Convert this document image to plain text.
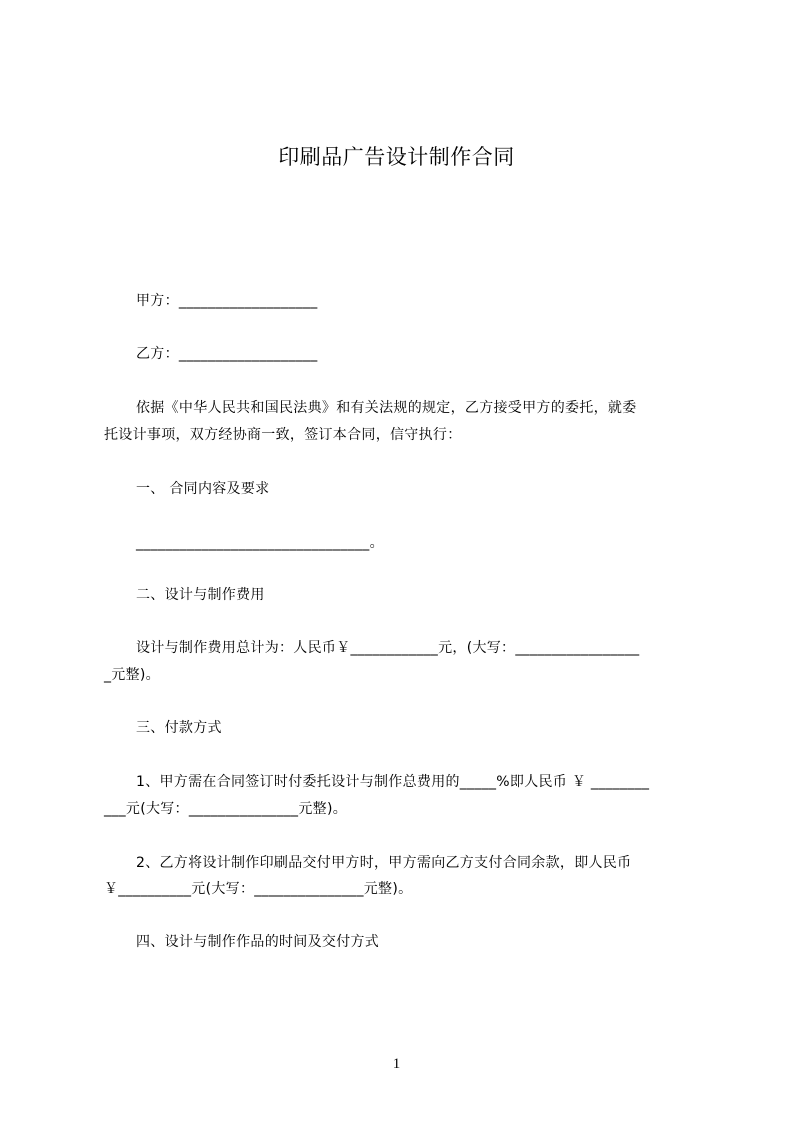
印刷品广告设计制作合同
甲方：___________________
乙方：___________________
依据《中华人民共和国民法典》和有关法规的规定，乙方接受甲方的委托，就委
托设计事项，双方经协商一致，签订本合同，信守执行：
一、 合同内容及要求
________________________________。
二、设计与制作费用
设计与制作费用总计为：人民币￥____________元，(大写：_________________
_元整)。
三、付款方式
1、甲方需在合同签订时付委托设计与制作总费用的_____%即人民币 ￥ ________
___元(大写：_______________元整)。
2、乙方将设计制作印刷品交付甲方时，甲方需向乙方支付合同余款，即人民币
￥__________元(大写：_______________元整)。
四、设计与制作作品的时间及交付方式
1
